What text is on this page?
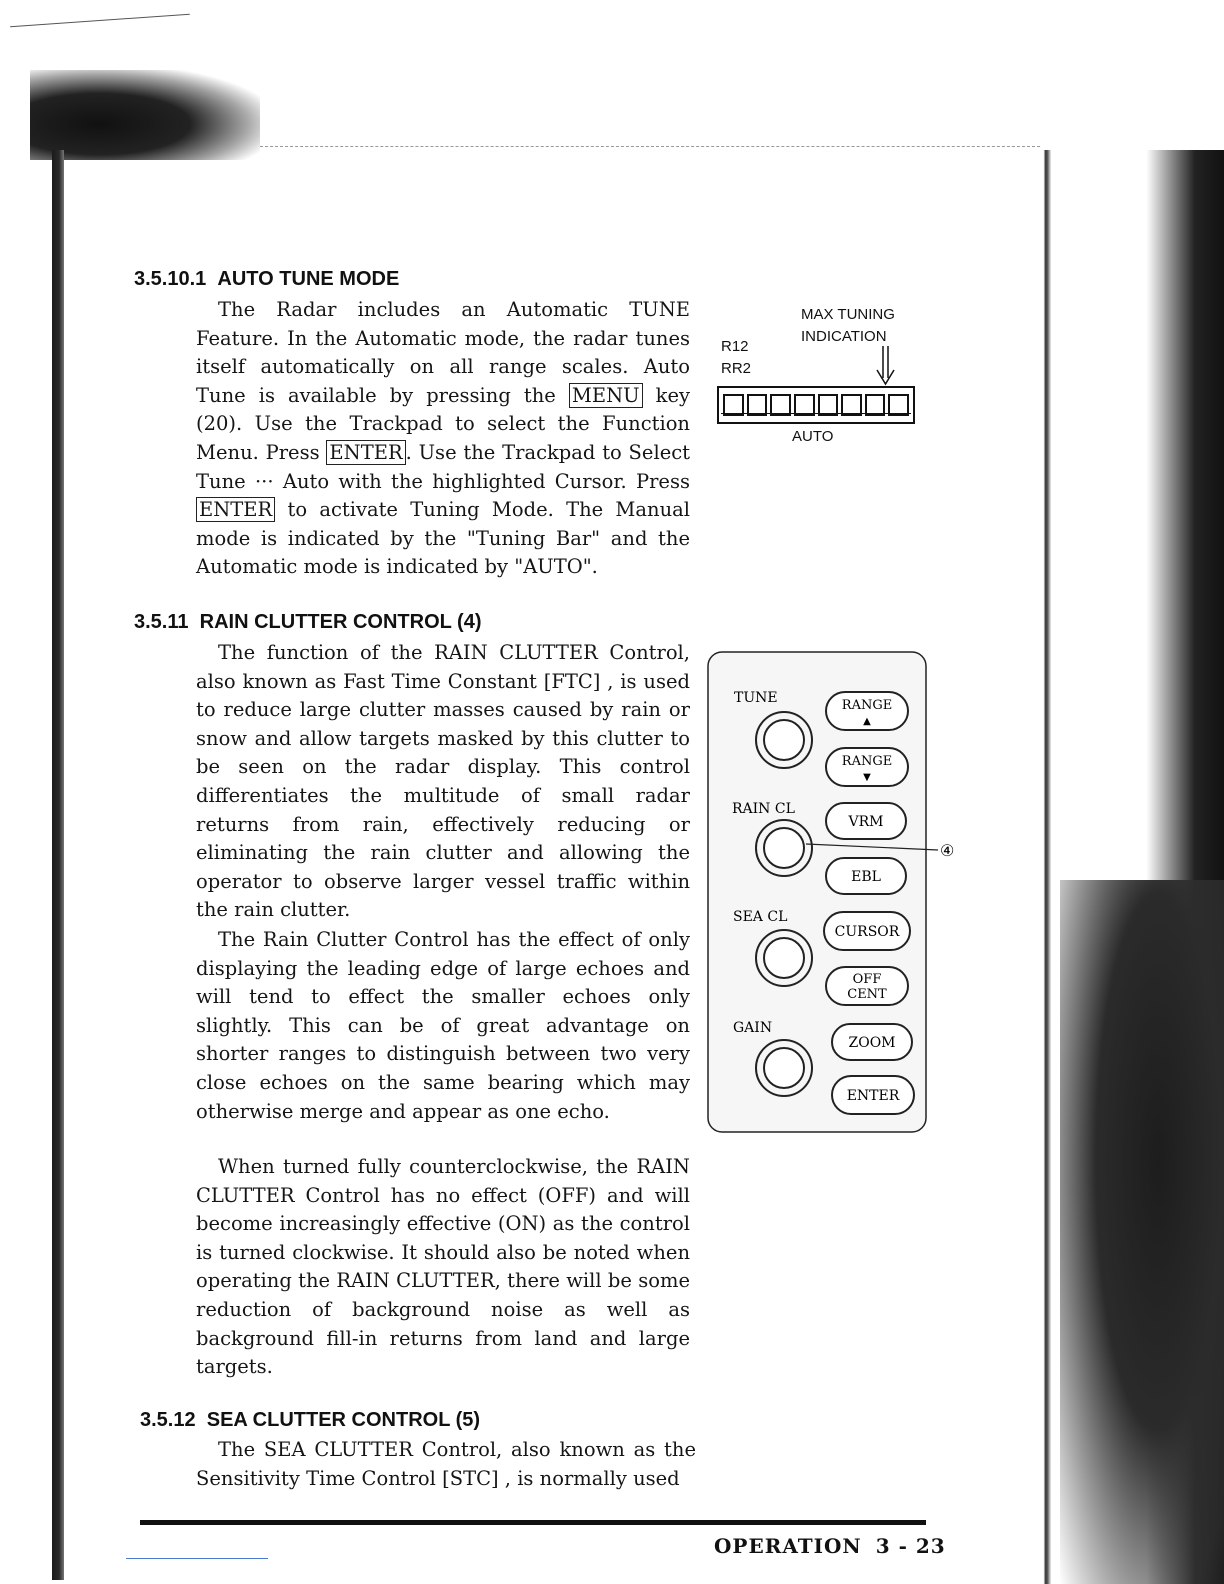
3.5.10.1 AUTO TUNE MODE
The Radar includes an Automatic TUNE Feature. In the Automatic mode, the radar tunes itself automatically on all range scales. Auto Tune is available by pressing the MENU key (20). Use the Trackpad to select the Function Menu. Press ENTER . Use the Trackpad to Select Tune ··· Auto with the highlighted Cursor. Press ENTER to activate Tuning Mode. The Manual mode is indicated by the "Tuning Bar" and the Automatic mode is indicated by "AUTO".
MAX TUNING
INDICATION
R12
RR2
AUTO
3.5.11 RAIN CLUTTER CONTROL (4)
The function of the RAIN CLUTTER Control, also known as Fast Time Constant [FTC] , is used to reduce large clutter masses caused by rain or snow and allow targets masked by this clutter to be seen on the radar display. This control differentiates the multitude of small radar returns from rain, effectively reducing or eliminating the rain clutter and allowing the operator to observe larger vessel traffic within the rain clutter.
The Rain Clutter Control has the effect of only displaying the leading edge of large echoes and will tend to effect the smaller echoes only slightly. This can be of great advantage on shorter ranges to distinguish between two very close echoes on the same bearing which may otherwise merge and appear as one echo.
When turned fully counterclockwise, the RAIN CLUTTER Control has no effect (OFF) and will become increasingly effective (ON) as the control is turned clockwise. It should also be noted when operating the RAIN CLUTTER, there will be some reduction of background noise as well as background fill-in returns from land and large targets.
3.5.12 SEA CLUTTER CONTROL (5)
The SEA CLUTTER Control, also known as the Sensitivity Time Control [STC] , is normally used
TUNE
RAIN CL
SEA CL
GAIN
④
RANGE
▲
RANGE
▼
VRM
EBL
CURSOR
OFF
CENT
ZOOM
ENTER
OPERATION 3 - 23
